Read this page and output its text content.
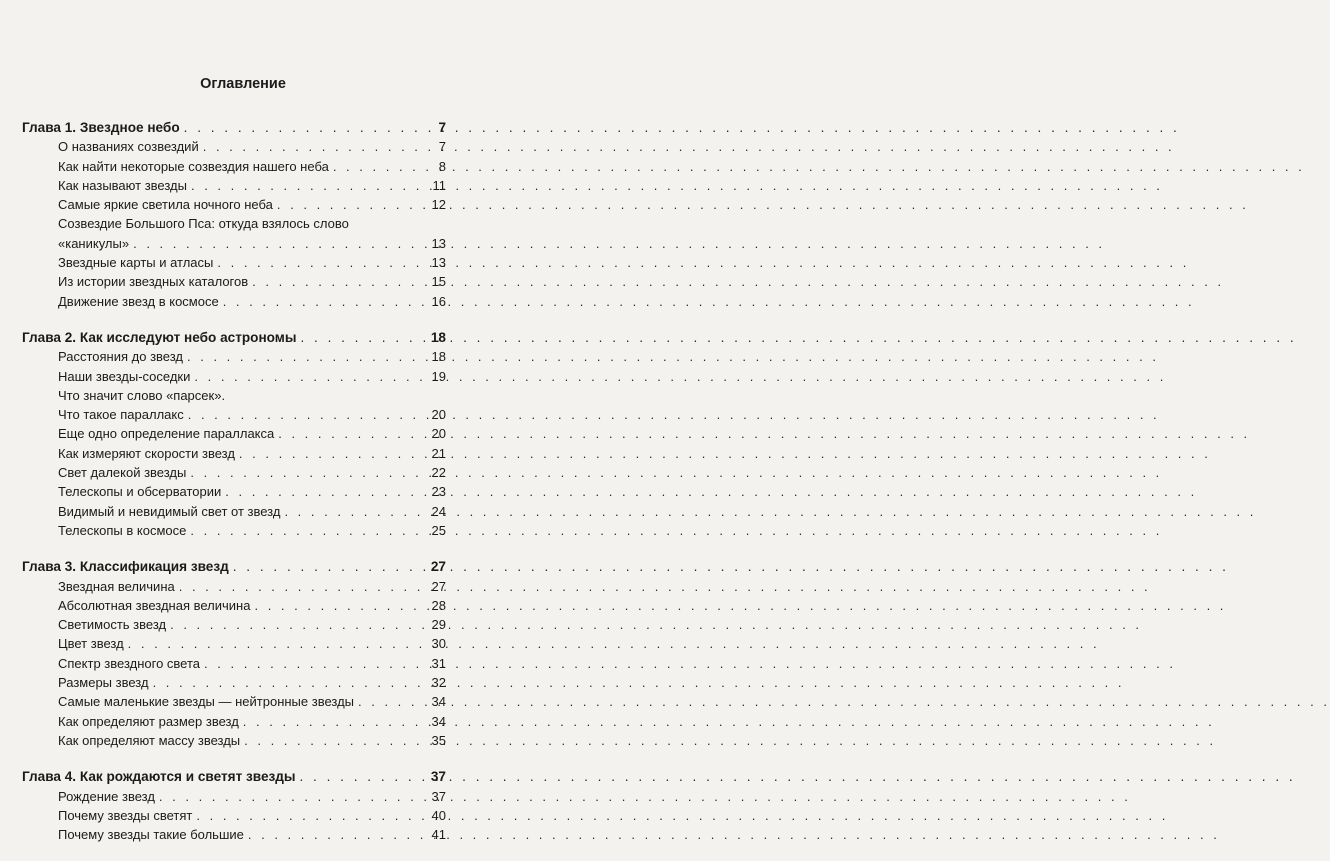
Оглавление
Глава 1. Звездное небо . . .	7
О названиях созвездий . . .	7
Как найти некоторые созвездия нашего неба . . .	8
Как называют звезды . . .	11
Самые яркие светила ночного неба . . .	12
Созвездие Большого Пса: откуда взялось слово
«каникулы» . . .	13
Звездные карты и атласы . . .	13
Из истории звездных каталогов . . .	15
Движение звезд в космосе . . .	16
Глава 2. Как исследуют небо астрономы . . .	18
Расстояния до звезд . . .	18
Наши звезды-соседки . . .	19
Что значит слово «парсек».
Что такое параллакс . . .	20
Еще одно определение параллакса . . .	20
Как измеряют скорости звезд . . .	21
Свет далекой звезды . . .	22
Телескопы и обсерватории . . .	23
Видимый и невидимый свет от звезд . . .	24
Телескопы в космосе . . .	25
Глава 3. Классификация звезд . . .	27
Звездная величина . . .	27
Абсолютная звездная величина . . .	28
Светимость звезд . . .	29
Цвет звезд . . .	30
Спектр звездного света . . .	31
Размеры звезд . . .	32
Самые маленькие звезды — нейтронные звезды . . .	34
Как определяют размер звезд . . .	34
Как определяют массу звезды . . .	35
Глава 4. Как рождаются и светят звезды . . .	37
Рождение звезд . . .	37
Почему звезды светят . . .	40
Почему звезды такие большие . . .	41
